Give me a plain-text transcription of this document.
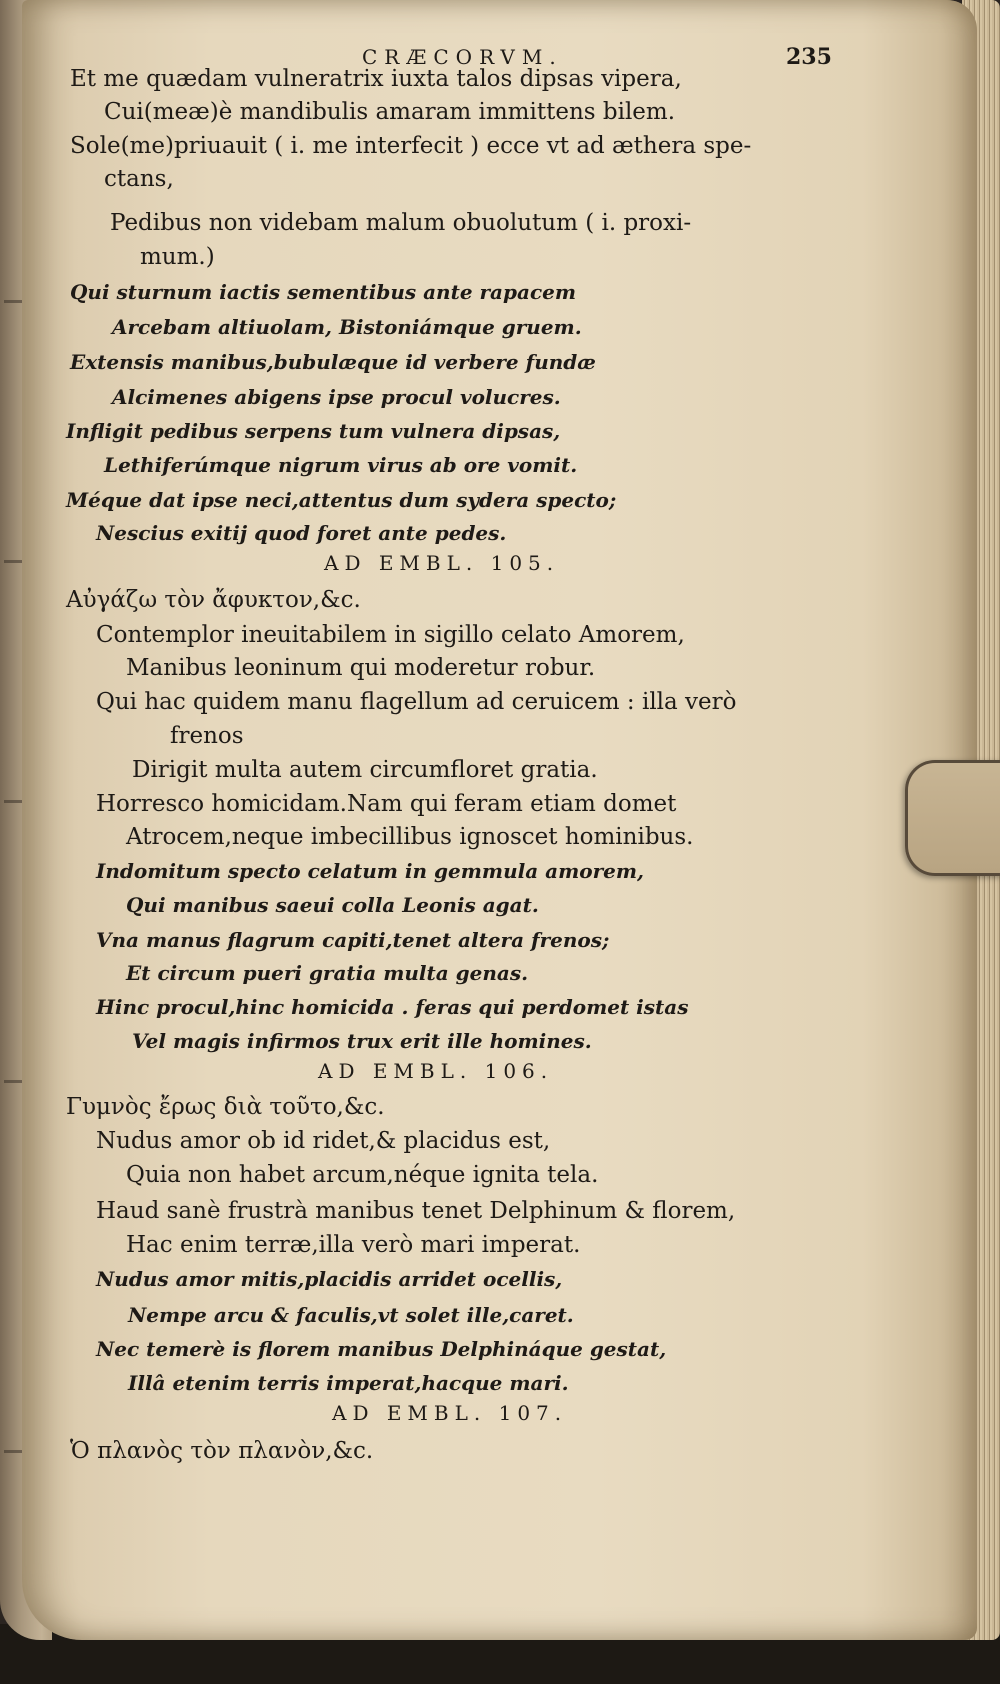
CRÆCORVM.	235
Et me quædam vulneratrix iuxta talos dipsas vipera,
Cui(meæ)è mandibulis amaram immittens bilem.
Sole(me)priuauit ( i. me interfecit ) ecce vt ad æthera spe-
ctans,
Pedibus non videbam malum obuolutum ( i. proxi-
mum.)
Qui sturnum iactis sementibus ante rapacem
Arcebam altiuolam, Bistoniámque gruem.
Extensis manibus,bubulæque id verbere fundæ
Alcimenes abigens ipse procul volucres.
Infligit pedibus serpens tum vulnera dipsas,
Lethiferúmque nigrum virus ab ore vomit.
Méque dat ipse neci,attentus dum sydera specto;
Nescius exitij quod foret ante pedes.
AD EMBL. 105.
Αὐγάζω τὸν ἄφυκτον,&c.
Contemplor ineuitabilem in sigillo celato Amorem,
Manibus leoninum qui moderetur robur.
Qui hac quidem manu flagellum ad ceruicem : illa verò
frenos
Dirigit multa autem circumfloret gratia.
Horresco homicidam.Nam qui feram etiam domet
Atrocem,neque imbecillibus ignoscet hominibus.
Indomitum specto celatum in gemmula amorem,
Qui manibus saeui colla Leonis agat.
Vna manus flagrum capiti,tenet altera frenos;
Et circum pueri gratia multa genas.
Hinc procul,hinc homicida . feras qui perdomet istas
Vel magis infirmos trux erit ille homines.
AD EMBL. 106.
Γυμνὸς ἔρως διὰ τοῦτο,&c.
Nudus amor ob id ridet,& placidus est,
Quia non habet arcum,néque ignita tela.
Haud sanè frustrà manibus tenet Delphinum & florem,
Hac enim terræ,illa verò mari imperat.
Nudus amor mitis,placidis arridet ocellis,
Nempe arcu & faculis,vt solet ille,caret.
Nec temerè is florem manibus Delphináque gestat,
Illâ etenim terris imperat,hacque mari.
AD EMBL. 107.
Ὁ πλανὸς τὸν πλανὸν,&c.
